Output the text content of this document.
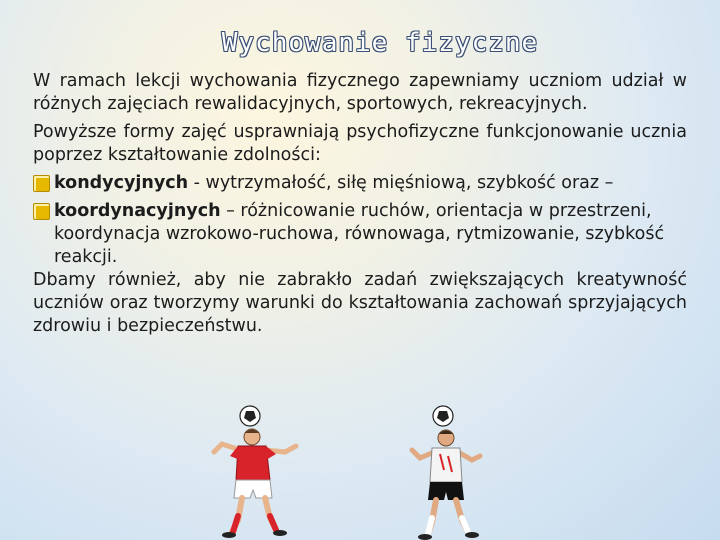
Wychowanie fizyczne

W ramach lekcji wychowania fizycznego zapewniamy uczniom udział w różnych zajęciach rewalidacyjnych, sportowych, rekreacyjnych.

Powyższe formy zajęć usprawniają psychofizyczne funkcjonowanie ucznia poprzez kształtowanie zdolności:

kondycyjnych - wytrzymałość, siłę mięśniową, szybkość oraz –
koordynacyjnych – różnicowanie ruchów, orientacja w przestrzeni, koordynacja wzrokowo-ruchowa, równowaga, rytmizowanie, szybkość reakcji.

Dbamy również, aby nie zabrakło zadań zwiększających kreatywność uczniów oraz tworzymy warunki do kształtowania zachowań sprzyjających zdrowiu i bezpieczeństwu.
